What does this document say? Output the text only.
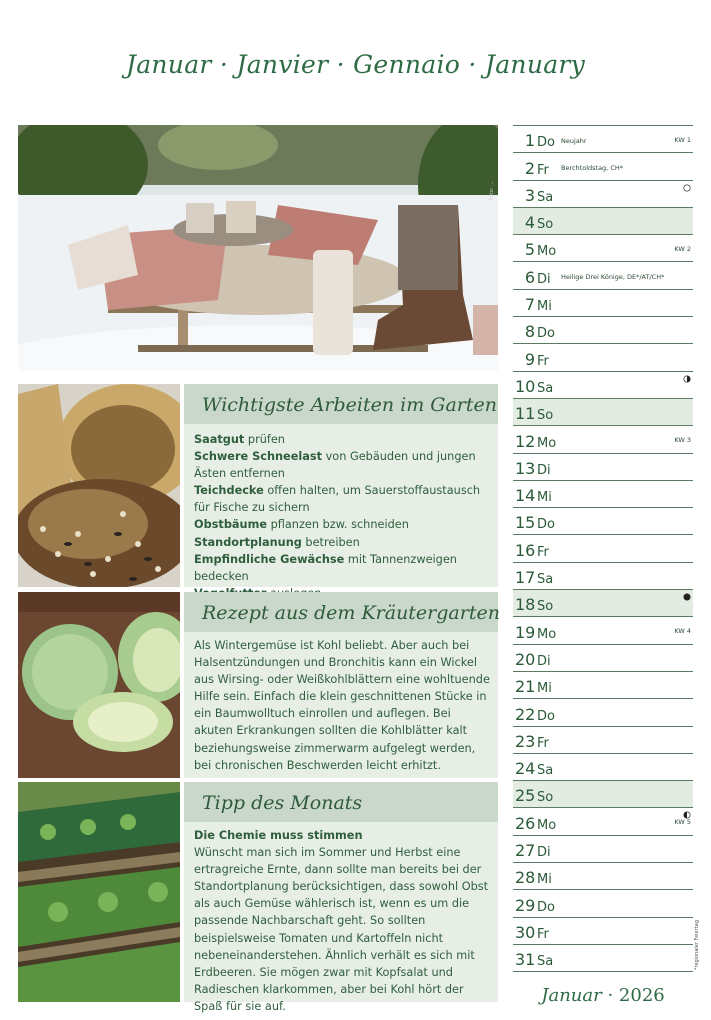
Januar · Janvier · Gennaio · January
Foto: ...
Wichtigste Arbeiten im Garten
Saatgut prüfen
Schwere Schneelast von Gebäuden und jungen Ästen entfernen
Teichdecke offen halten, um Sauerstoffaustausch für Fische zu sichern
Obstbäume pflanzen bzw. schneiden
Standortplanung betreiben
Empfindliche Gewächse mit Tannenzweigen bedecken
Rezept aus dem Kräutergarten
Als Wintergemüse ist Kohl beliebt. Aber auch bei Halsentzündungen und Bronchitis kann ein Wickel aus Wirsing- oder Weißkohlblättern eine wohltuende Hilfe sein. Einfach die klein geschnittenen Stücke in ein Baumwolltuch einrollen und auflegen. Bei akuten Erkrankungen sollten die Kohlblätter kalt beziehungsweise zimmerwarm aufgelegt werden, bei chronischen Beschwerden leicht erhitzt.
Tipp des Monats
Die Chemie muss stimmen
Wünscht man sich im Sommer und Herbst eine ertragreiche Ernte, dann sollte man bereits bei der Standortplanung berücksichtigen, dass sowohl Obst als auch Gemüse wählerisch ist, wenn es um die passende Nachbarschaft geht. So sollten beispielsweise Tomaten und Kartoffeln nicht nebeneinanderstehen. Ähnlich verhält es sich mit Erdbeeren. Sie mögen zwar mit Kopfsalat und Radieschen klarkommen, aber bei Kohl hört der Spaß für sie auf.
1 Do Neujahr	KW 1
2 Fr Berchtoldstag, CH*
3 Sa
4 So
5 Mo	KW 2
6 Di Heilige Drei Könige, DE*/AT/CH*
7 Mi
8 Do
9 Fr
10 Sa
11 So
12 Mo	KW 3
13 Di
14 Mi
15 Do
16 Fr
17 Sa
18 So
19 Mo	KW 4
20 Di
21 Mi
22 Do
23 Fr
24 Sa
25 So
26 Mo	KW 5
27 Di
28 Mi
29 Do
30 Fr
31 Sa	*regionaler Feiertag
Januar · 2026
